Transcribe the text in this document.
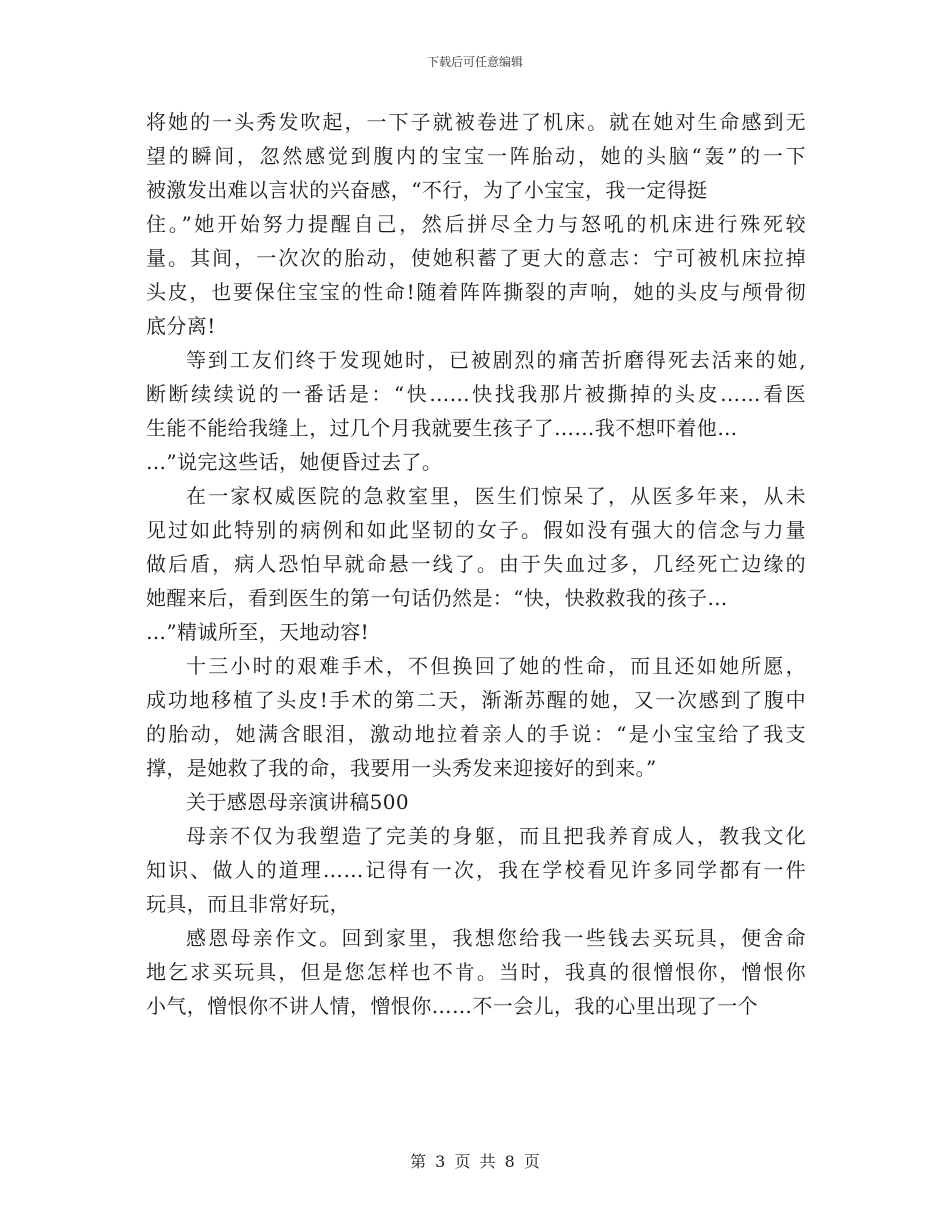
下载后可任意编辑
将她的一头秀发吹起，一下子就被卷进了机床。就在她对生命感到无
望的瞬间，忽然感觉到腹内的宝宝一阵胎动，她的头脑“轰”的一下
被激发出难以言状的兴奋感，“不行，为了小宝宝，我一定得挺
住。”她开始努力提醒自己，然后拼尽全力与怒吼的机床进行殊死较
量。其间，一次次的胎动，使她积蓄了更大的意志：宁可被机床拉掉
头皮，也要保住宝宝的性命!随着阵阵撕裂的声响，她的头皮与颅骨彻
底分离!
等到工友们终于发现她时，已被剧烈的痛苦折磨得死去活来的她,
断断续续说的一番话是：“快……快找我那片被撕掉的头皮……看医
生能不能给我缝上，过几个月我就要生孩子了……我不想吓着他…
…”说完这些话，她便昏过去了。
在一家权威医院的急救室里，医生们惊呆了，从医多年来，从未
见过如此特别的病例和如此坚韧的女子。假如没有强大的信念与力量
做后盾，病人恐怕早就命悬一线了。由于失血过多，几经死亡边缘的
她醒来后，看到医生的第一句话仍然是：“快，快救救我的孩子…
…”精诚所至，天地动容!
十三小时的艰难手术，不但换回了她的性命，而且还如她所愿，
成功地移植了头皮!手术的第二天，渐渐苏醒的她，又一次感到了腹中
的胎动，她满含眼泪，激动地拉着亲人的手说：“是小宝宝给了我支
撑，是她救了我的命，我要用一头秀发来迎接好的到来。”
关于感恩母亲演讲稿500
母亲不仅为我塑造了完美的身躯，而且把我养育成人，教我文化
知识、做人的道理……记得有一次，我在学校看见许多同学都有一件
玩具，而且非常好玩，
感恩母亲作文。回到家里，我想您给我一些钱去买玩具，便舍命
地乞求买玩具，但是您怎样也不肯。当时，我真的很憎恨你，憎恨你
小气，憎恨你不讲人情，憎恨你……不一会儿，我的心里出现了一个
第 3 页 共 8 页
